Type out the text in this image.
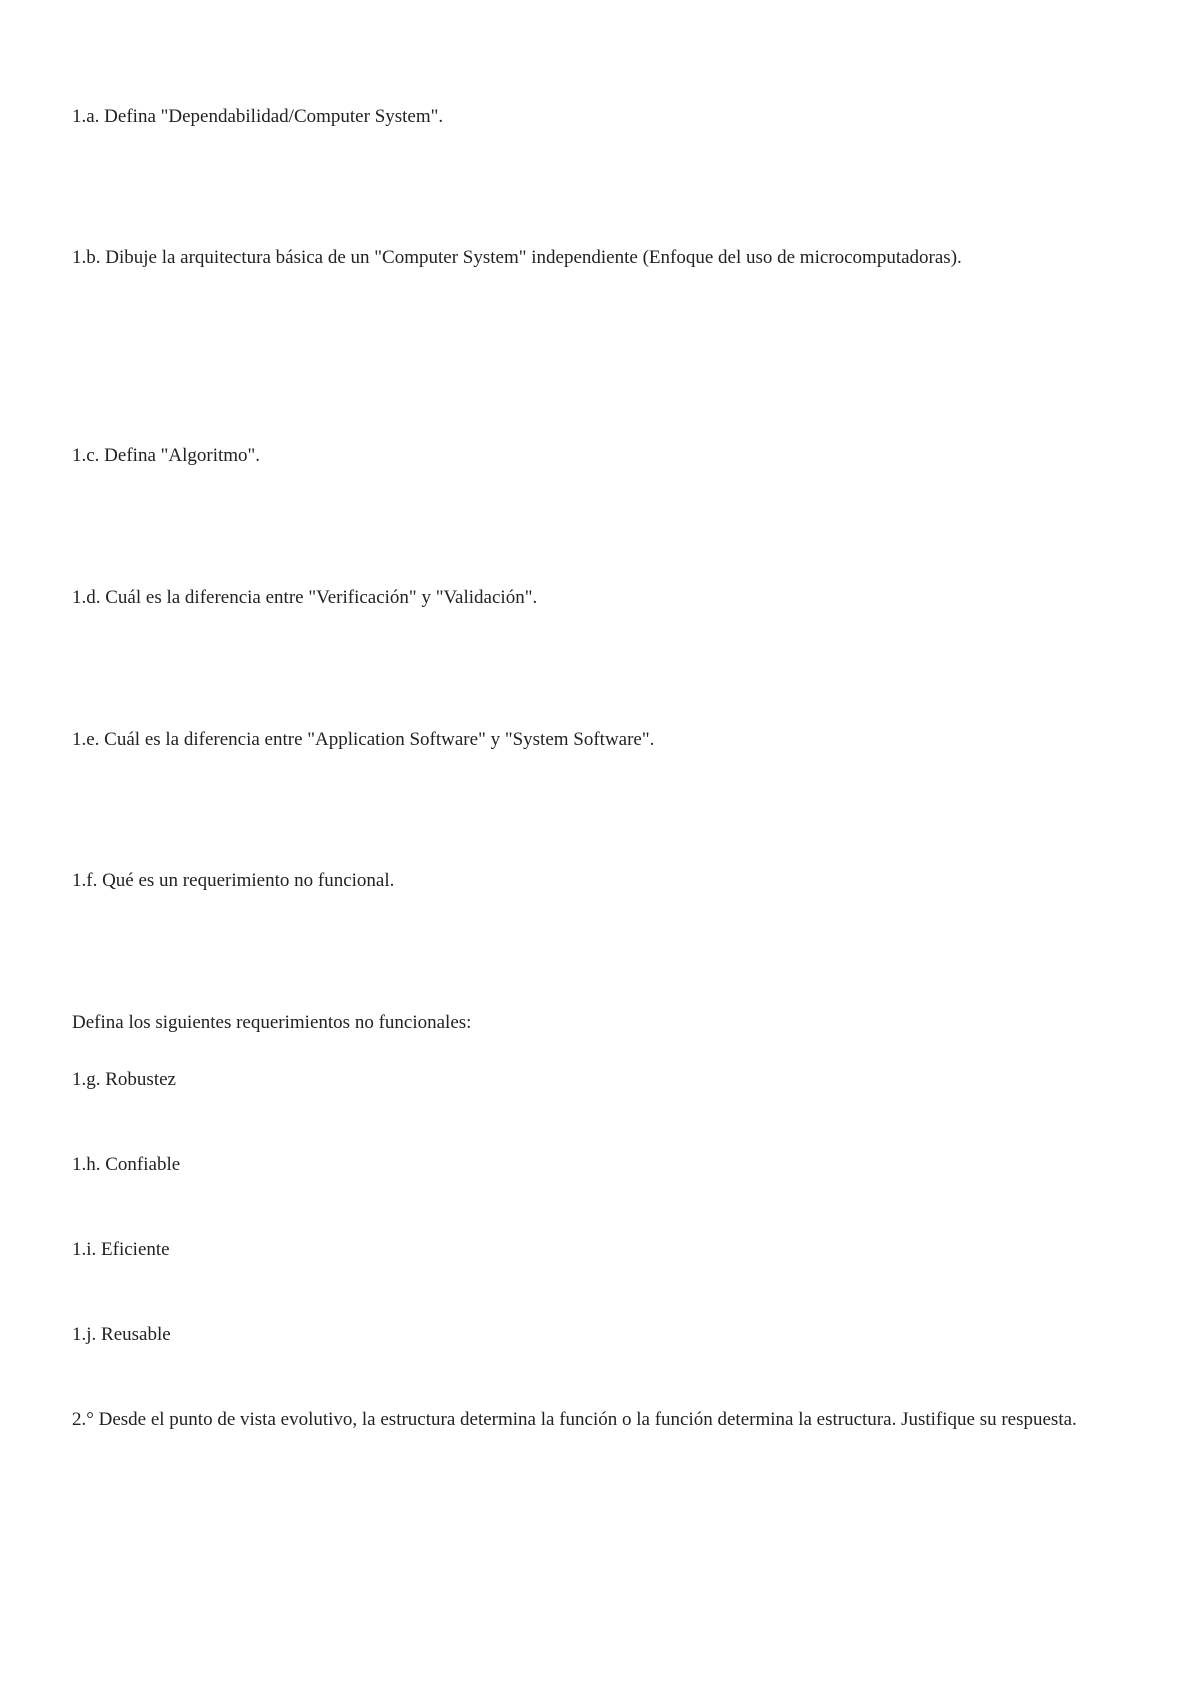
1.a. Defina "Dependabilidad/Computer System".

1.b. Dibuje la arquitectura básica de un "Computer System" independiente (Enfoque del uso de microcomputadoras).

1.c. Defina "Algoritmo".

1.d. Cuál es la diferencia entre "Verificación" y "Validación".

1.e. Cuál es la diferencia entre "Application Software" y "System Software".

1.f. Qué es un requerimiento no funcional.

Defina los siguientes requerimientos no funcionales:

1.g. Robustez

1.h. Confiable

1.i. Eficiente

1.j. Reusable

2.° Desde el punto de vista evolutivo, la estructura determina la función o la función determina la estructura. Justifique su respuesta.
